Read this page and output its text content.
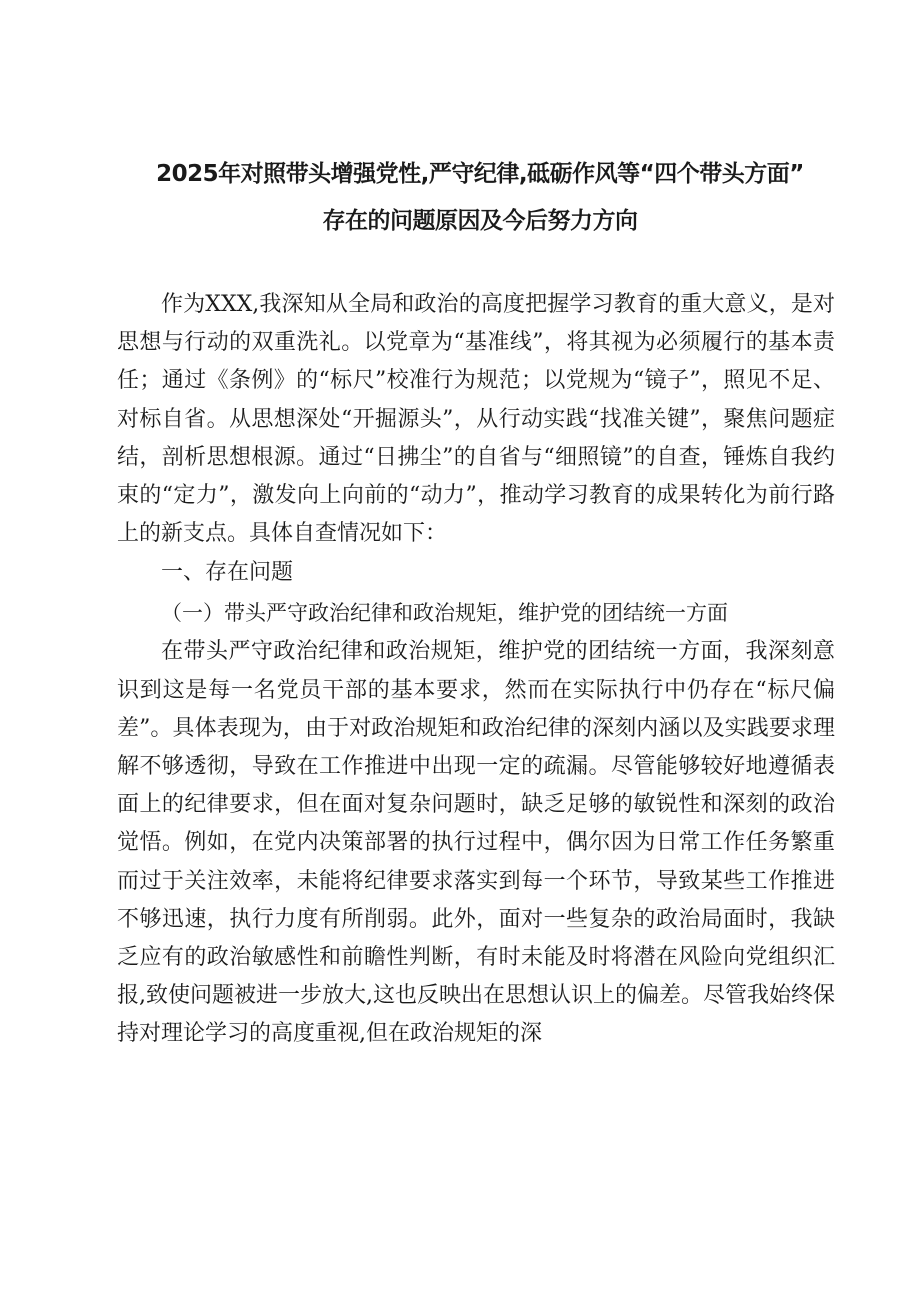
2025年对照带头增强党性,严守纪律,砥砺作风等“四个带头方面”
存在的问题原因及今后努力方向

作为XXX,我深知从全局和政治的高度把握学习教育的重大意义，是对思想与行动的双重洗礼。以党章为“基准线”，将其视为必须履行的基本责任；通过《条例》的“标尺”校准行为规范；以党规为“镜子”，照见不足、对标自省。从思想深处“开掘源头”，从行动实践“找准关键”，聚焦问题症结，剖析思想根源。通过“日拂尘”的自省与“细照镜”的自查，锤炼自我约束的“定力”，激发向上向前的“动力”，推动学习教育的成果转化为前行路上的新支点。具体自查情况如下：

一、存在问题

（一）带头严守政治纪律和政治规矩，维护党的团结统一方面

在带头严守政治纪律和政治规矩，维护党的团结统一方面，我深刻意识到这是每一名党员干部的基本要求，然而在实际执行中仍存在“标尺偏差”。具体表现为，由于对政治规矩和政治纪律的深刻内涵以及实践要求理解不够透彻，导致在工作推进中出现一定的疏漏。尽管能够较好地遵循表面上的纪律要求，但在面对复杂问题时，缺乏足够的敏锐性和深刻的政治觉悟。例如，在党内决策部署的执行过程中，偶尔因为日常工作任务繁重而过于关注效率，未能将纪律要求落实到每一个环节，导致某些工作推进不够迅速，执行力度有所削弱。此外，面对一些复杂的政治局面时，我缺乏应有的政治敏感性和前瞻性判断，有时未能及时将潜在风险向党组织汇报,致使问题被进一步放大,这也反映出在思想认识上的偏差。尽管我始终保持对理论学习的高度重视,但在政治规矩的深
